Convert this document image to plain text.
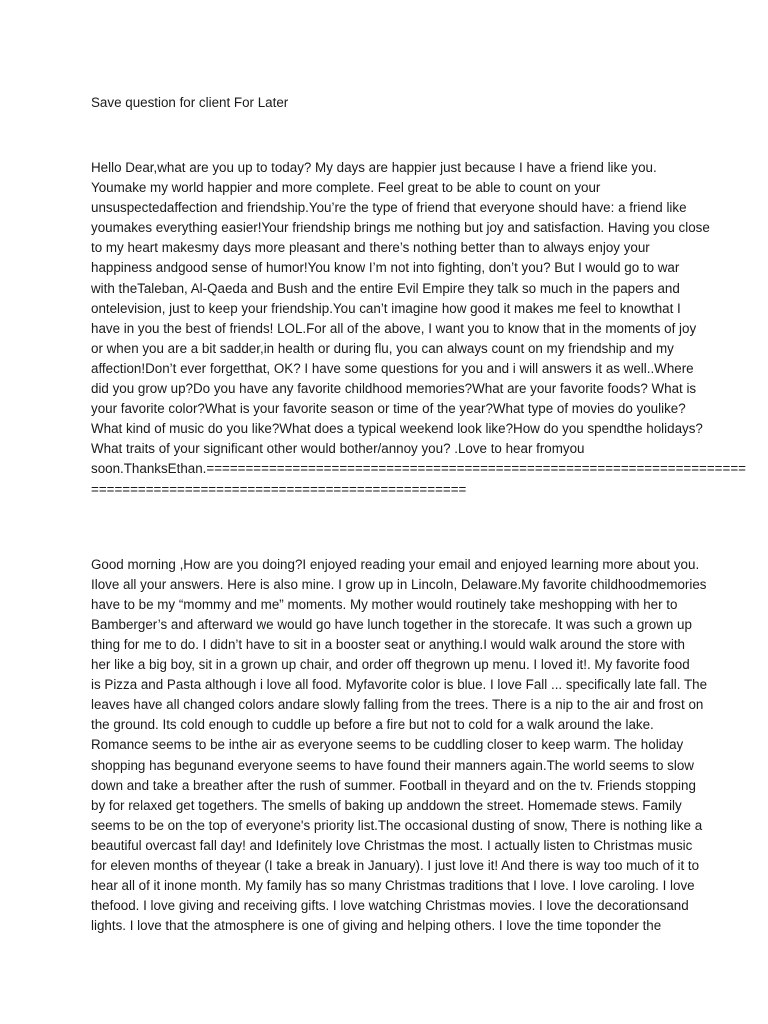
Save question for client For Later

Hello Dear,what are you up to today? My days are happier just because I have a friend like you.
Youmake my world happier and more complete. Feel great to be able to count on your
unsuspectedaffection and friendship.You’re the type of friend that everyone should have: a friend like
youmakes everything easier!Your friendship brings me nothing but joy and satisfaction. Having you close
to my heart makesmy days more pleasant and there’s nothing better than to always enjoy your
happiness andgood sense of humor!You know I’m not into fighting, don’t you? But I would go to war
with theTaleban, Al-Qaeda and Bush and the entire Evil Empire they talk so much in the papers and
ontelevision, just to keep your friendship.You can’t imagine how good it makes me feel to knowthat I
have in you the best of friends! LOL.For all of the above, I want you to know that in the moments of joy
or when you are a bit sadder,in health or during flu, you can always count on my friendship and my
affection!Don’t ever forgetthat, OK? I have some questions for you and i will answers it as well..Where
did you grow up?Do you have any favorite childhood memories?What are your favorite foods? What is
your favorite color?What is your favorite season or time of the year?What type of movies do youlike?
What kind of music do you like?What does a typical weekend look like?How do you spendthe holidays?
What traits of your significant other would bother/annoy you? .Love to hear fromyou
soon.ThanksEthan.=====================================================================
================================================

Good morning ,How are you doing?I enjoyed reading your email and enjoyed learning more about you.
Ilove all your answers. Here is also mine. I grow up in Lincoln, Delaware.My favorite childhoodmemories
have to be my “mommy and me” moments. My mother would routinely take meshopping with her to
Bamberger’s and afterward we would go have lunch together in the storecafe. It was such a grown up
thing for me to do. I didn’t have to sit in a booster seat or anything.I would walk around the store with
her like a big boy, sit in a grown up chair, and order off thegrown up menu. I loved it!. My favorite food
is Pizza and Pasta although i love all food. Myfavorite color is blue. I love Fall ... specifically late fall. The
leaves have all changed colors andare slowly falling from the trees. There is a nip to the air and frost on
the ground. Its cold enough to cuddle up before a fire but not to cold for a walk around the lake.
Romance seems to be inthe air as everyone seems to be cuddling closer to keep warm. The holiday
shopping has begunand everyone seems to have found their manners again.The world seems to slow
down and take a breather after the rush of summer. Football in theyard and on the tv. Friends stopping
by for relaxed get togethers. The smells of baking up anddown the street. Homemade stews. Family
seems to be on the top of everyone's priority list.The occasional dusting of snow, There is nothing like a
beautiful overcast fall day! and Idefinitely love Christmas the most. I actually listen to Christmas music
for eleven months of theyear (I take a break in January). I just love it! And there is way too much of it to
hear all of it inone month. My family has so many Christmas traditions that I love. I love caroling. I love
thefood. I love giving and receiving gifts. I love watching Christmas movies. I love the decorationsand
lights. I love that the atmosphere is one of giving and helping others. I love the time toponder the
